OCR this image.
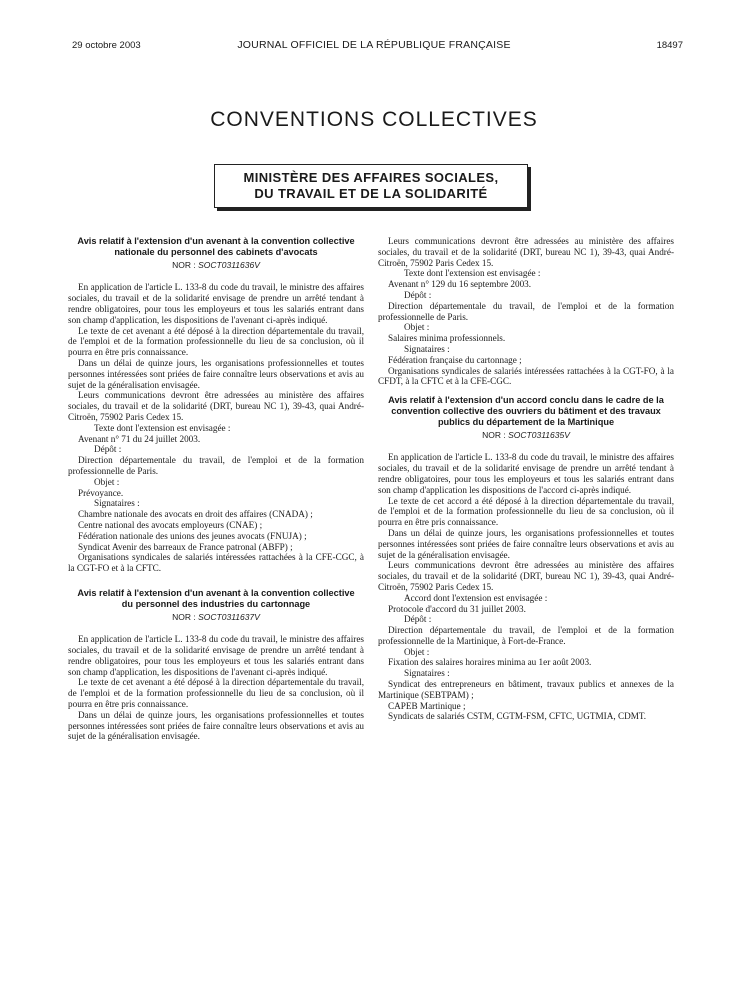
29 octobre 2003	JOURNAL OFFICIEL DE LA RÉPUBLIQUE FRANÇAISE	18497
CONVENTIONS COLLECTIVES
MINISTÈRE DES AFFAIRES SOCIALES,
DU TRAVAIL ET DE LA SOLIDARITÉ
Avis relatif à l'extension d'un avenant à la convention collective nationale du personnel des cabinets d'avocats
NOR : SOCT0311636V

En application de l'article L. 133-8 du code du travail, le ministre des affaires sociales, du travail et de la solidarité envisage de prendre un arrêté tendant à rendre obligatoires, pour tous les employeurs et tous les salariés entrant dans son champ d'application, les dispositions de l'avenant ci-après indiqué.

Le texte de cet avenant a été déposé à la direction départementale du travail, de l'emploi et de la formation professionnelle du lieu de sa conclusion, où il pourra en être pris connaissance.

Dans un délai de quinze jours, les organisations professionnelles et toutes personnes intéressées sont priées de faire connaître leurs observations et avis au sujet de la généralisation envisagée.

Leurs communications devront être adressées au ministère des affaires sociales, du travail et de la solidarité (DRT, bureau NC 1), 39-43, quai André-Citroën, 75902 Paris Cedex 15.

Texte dont l'extension est envisagée :

Avenant n° 71 du 24 juillet 2003.

Dépôt :

Direction départementale du travail, de l'emploi et de la formation professionnelle de Paris.

Objet :

Prévoyance.

Signataires :

Chambre nationale des avocats en droit des affaires (CNADA) ;

Centre national des avocats employeurs (CNAE) ;

Fédération nationale des unions des jeunes avocats (FNUJA) ;

Syndicat Avenir des barreaux de France patronal (ABFP) ;

Organisations syndicales de salariés intéressées rattachées à la CFE-CGC, à la CGT-FO et à la CFTC.

Avis relatif à l'extension d'un avenant à la convention collective du personnel des industries du cartonnage
NOR : SOCT0311637V

En application de l'article L. 133-8 du code du travail, le ministre des affaires sociales, du travail et de la solidarité envisage de prendre un arrêté tendant à rendre obligatoires, pour tous les employeurs et tous les salariés entrant dans son champ d'application, les dispositions de l'avenant ci-après indiqué.

Le texte de cet avenant a été déposé à la direction départementale du travail, de l'emploi et de la formation professionnelle du lieu de sa conclusion, où il pourra en être pris connaissance.

Dans un délai de quinze jours, les organisations professionnelles et toutes personnes intéressées sont priées de faire connaître leurs observations et avis au sujet de la généralisation envisagée.

Leurs communications devront être adressées au ministère des affaires sociales, du travail et de la solidarité (DRT, bureau NC 1), 39-43, quai André-Citroën, 75902 Paris Cedex 15.

Texte dont l'extension est envisagée :

Avenant n° 129 du 16 septembre 2003.

Dépôt :

Direction départementale du travail, de l'emploi et de la formation professionnelle de Paris.

Objet :

Salaires minima professionnels.

Signataires :

Fédération française du cartonnage ;

Organisations syndicales de salariés intéressées rattachées à la CGT-FO, à la CFDT, à la CFTC et à la CFE-CGC.

Avis relatif à l'extension d'un accord conclu dans le cadre de la convention collective des ouvriers du bâtiment et des travaux publics du département de la Martinique
NOR : SOCT0311635V

En application de l'article L. 133-8 du code du travail, le ministre des affaires sociales, du travail et de la solidarité envisage de prendre un arrêté tendant à rendre obligatoires, pour tous les employeurs et tous les salariés entrant dans son champ d'application les dispositions de l'accord ci-après indiqué.

Le texte de cet accord a été déposé à la direction départementale du travail, de l'emploi et de la formation professionnelle du lieu de sa conclusion, où il pourra en être pris connaissance.

Dans un délai de quinze jours, les organisations professionnelles et toutes personnes intéressées sont priées de faire connaître leurs observations et avis au sujet de la généralisation envisagée.

Leurs communications devront être adressées au ministère des affaires sociales, du travail et de la solidarité (DRT, bureau NC 1), 39-43, quai André-Citroën, 75902 Paris Cedex 15.

Accord dont l'extension est envisagée :

Protocole d'accord du 31 juillet 2003.

Dépôt :

Direction départementale du travail, de l'emploi et de la formation professionnelle de la Martinique, à Fort-de-France.

Objet :

Fixation des salaires horaires minima au 1er août 2003.

Signataires :

Syndicat des entrepreneurs en bâtiment, travaux publics et annexes de la Martinique (SEBTPAM) ;

CAPEB Martinique ;

Syndicats de salariés CSTM, CGTM-FSM, CFTC, UGTMIA, CDMT.
